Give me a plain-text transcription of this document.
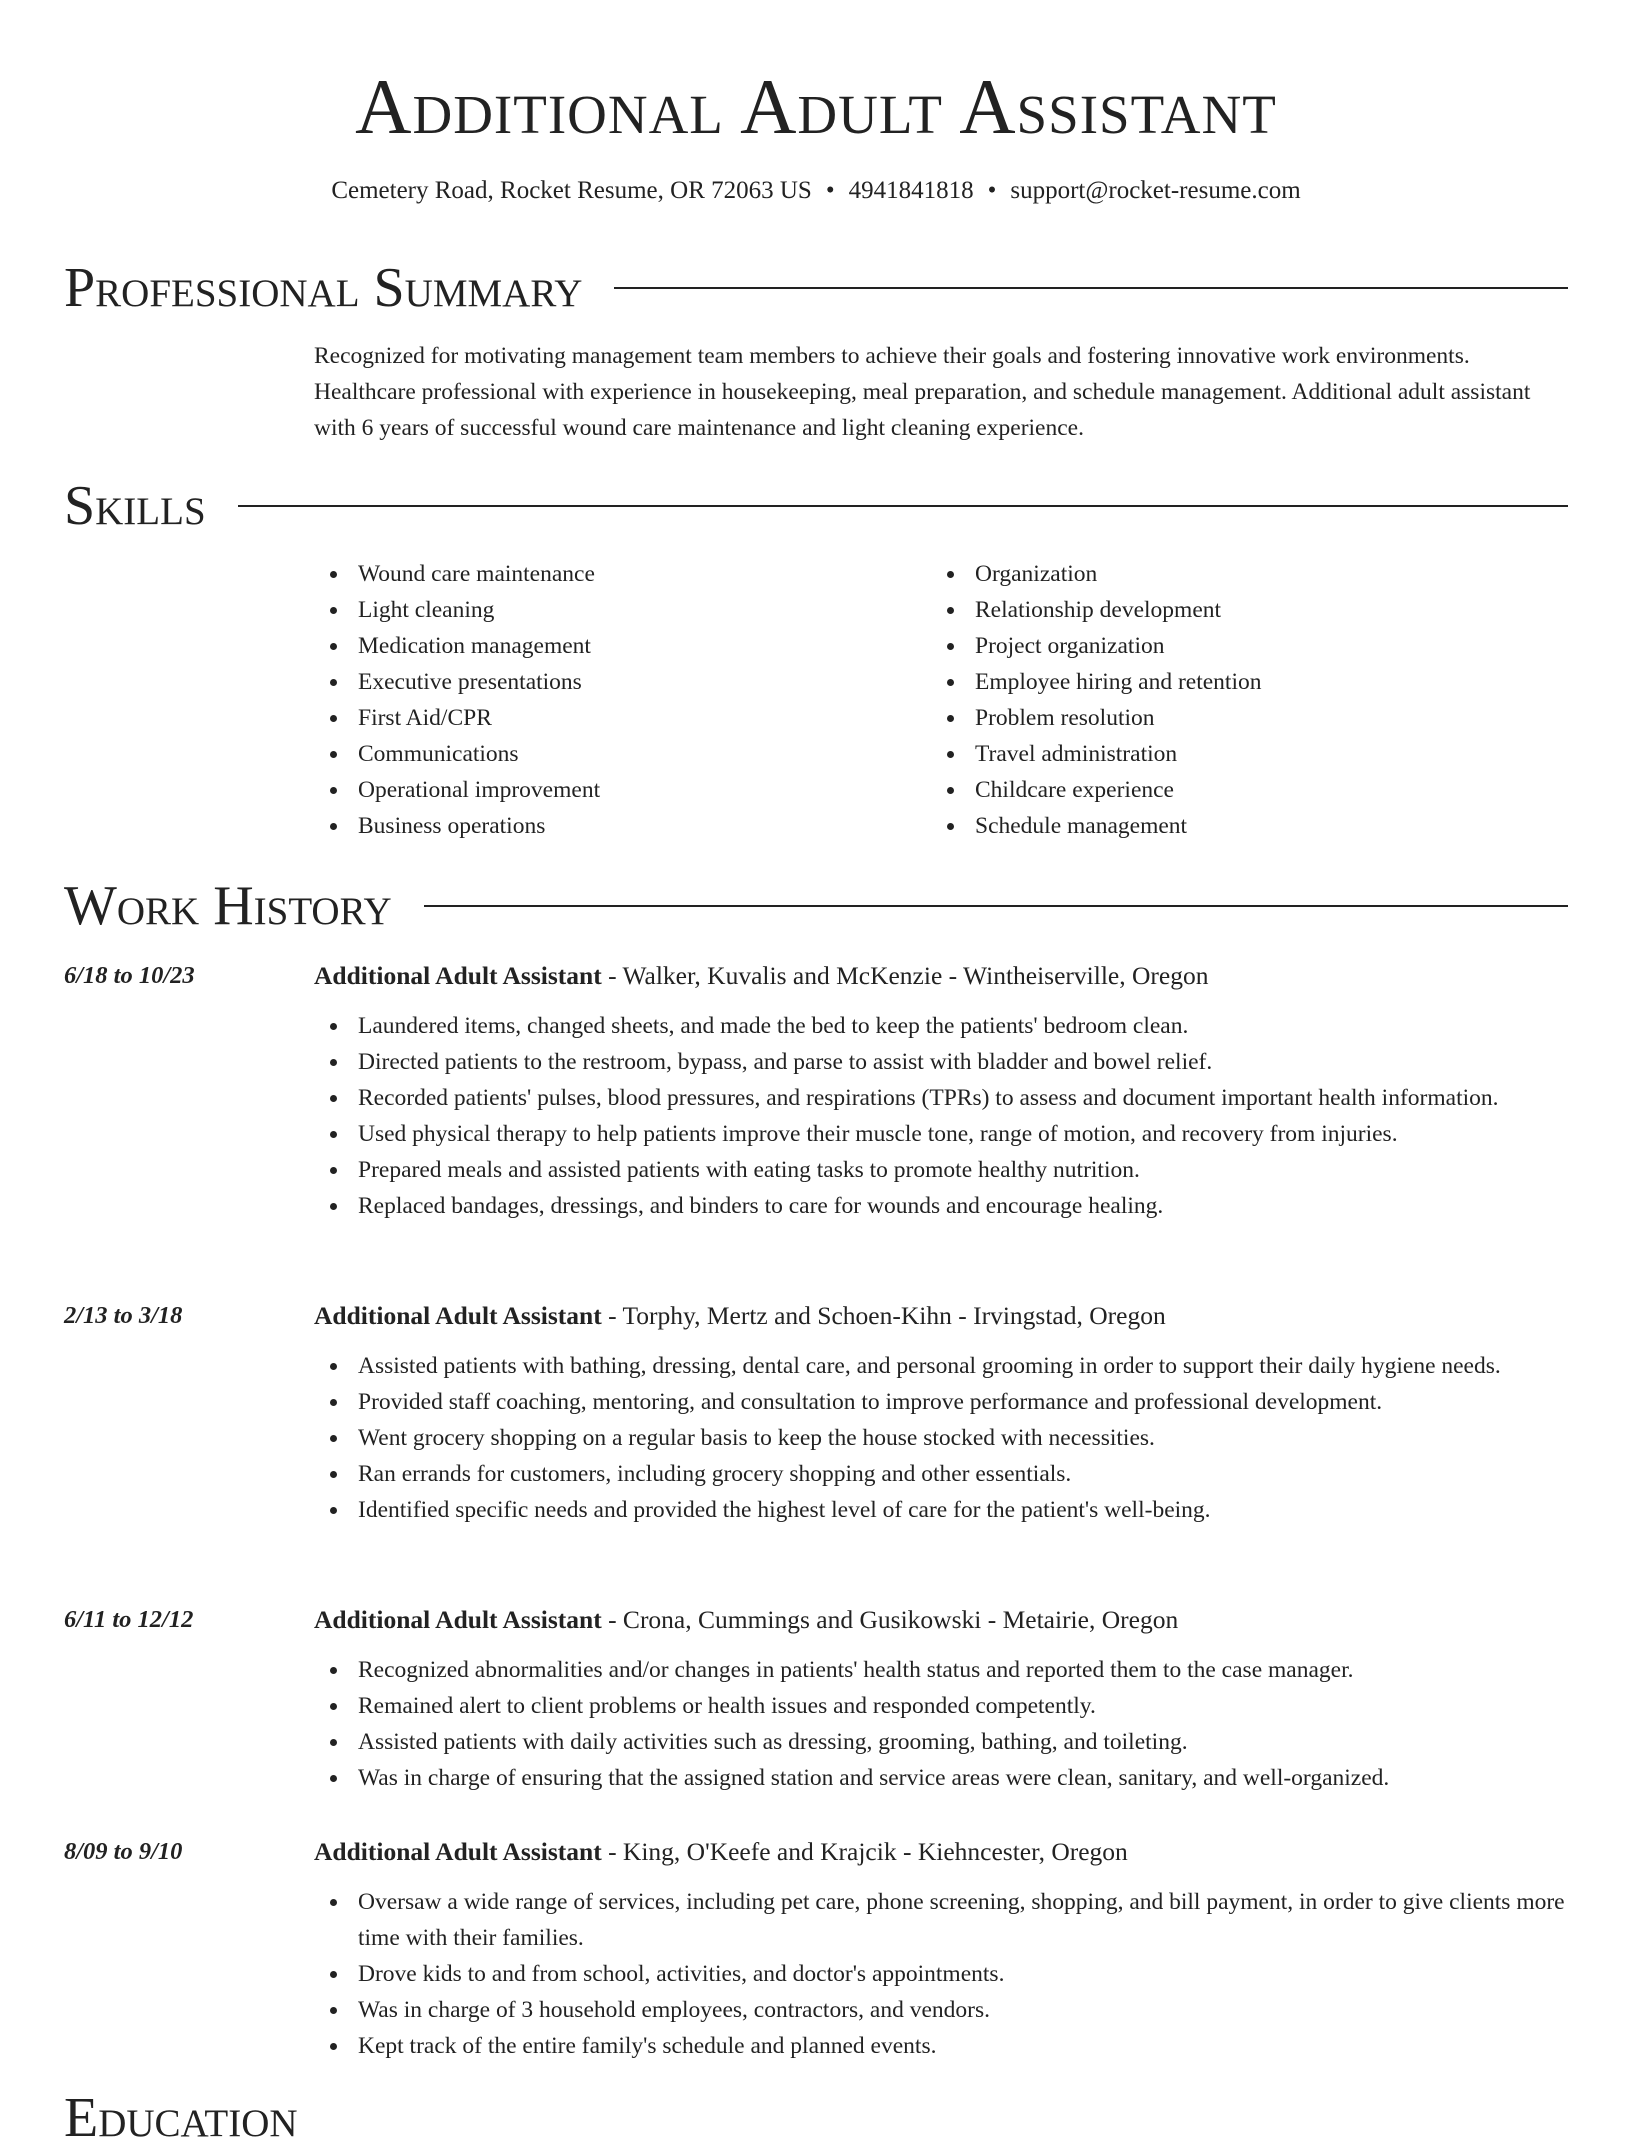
Additional Adult Assistant
Cemetery Road, Rocket Resume, OR 72063 US • 4941841818 • support@rocket-resume.com
Professional Summary
Recognized for motivating management team members to achieve their goals and fostering innovative work environments. Healthcare professional with experience in housekeeping, meal preparation, and schedule management. Additional adult assistant with 6 years of successful wound care maintenance and light cleaning experience.
Skills
Wound care maintenance
Light cleaning
Medication management
Executive presentations
First Aid/CPR
Communications
Operational improvement
Business operations
Organization
Relationship development
Project organization
Employee hiring and retention
Problem resolution
Travel administration
Childcare experience
Schedule management
Work History
6/18 to 10/23	Additional Adult Assistant - Walker, Kuvalis and McKenzie - Wintheiserville, Oregon
Laundered items, changed sheets, and made the bed to keep the patients' bedroom clean.
Directed patients to the restroom, bypass, and parse to assist with bladder and bowel relief.
Recorded patients' pulses, blood pressures, and respirations (TPRs) to assess and document important health information.
Used physical therapy to help patients improve their muscle tone, range of motion, and recovery from injuries.
Prepared meals and assisted patients with eating tasks to promote healthy nutrition.
Replaced bandages, dressings, and binders to care for wounds and encourage healing.
2/13 to 3/18	Additional Adult Assistant - Torphy, Mertz and Schoen-Kihn - Irvingstad, Oregon
Assisted patients with bathing, dressing, dental care, and personal grooming in order to support their daily hygiene needs.
Provided staff coaching, mentoring, and consultation to improve performance and professional development.
Went grocery shopping on a regular basis to keep the house stocked with necessities.
Ran errands for customers, including grocery shopping and other essentials.
Identified specific needs and provided the highest level of care for the patient's well-being.
6/11 to 12/12	Additional Adult Assistant - Crona, Cummings and Gusikowski - Metairie, Oregon
Recognized abnormalities and/or changes in patients' health status and reported them to the case manager.
Remained alert to client problems or health issues and responded competently.
Assisted patients with daily activities such as dressing, grooming, bathing, and toileting.
Was in charge of ensuring that the assigned station and service areas were clean, sanitary, and well-organized.
8/09 to 9/10	Additional Adult Assistant - King, O'Keefe and Krajcik - Kiehncester, Oregon
Oversaw a wide range of services, including pet care, phone screening, shopping, and bill payment, in order to give clients more time with their families.
Drove kids to and from school, activities, and doctor's appointments.
Was in charge of 3 household employees, contractors, and vendors.
Kept track of the entire family's schedule and planned events.
Education
